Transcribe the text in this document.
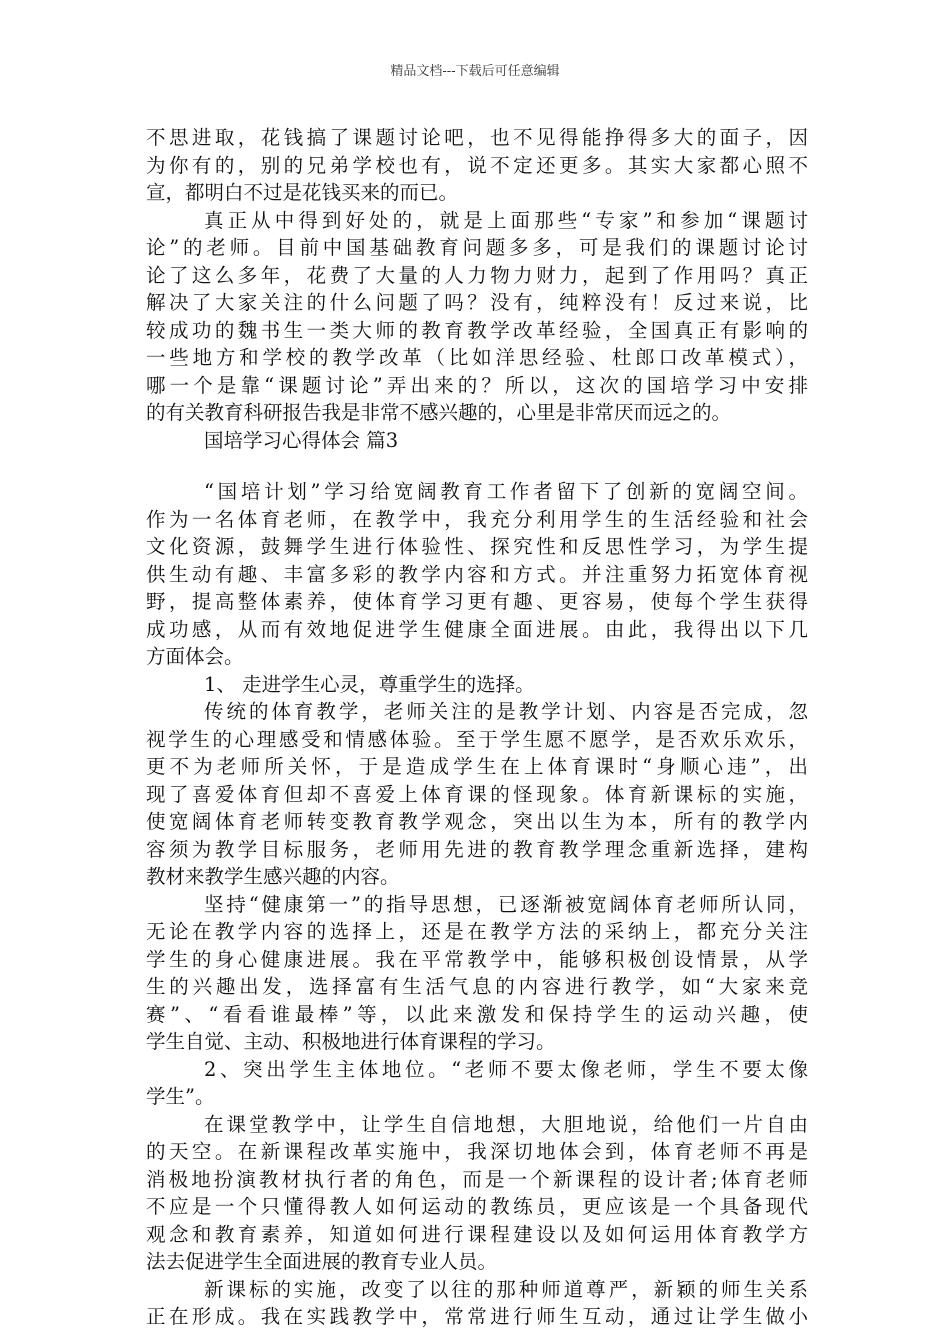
精品文档---下载后可任意编辑
不思进取，花钱搞了课题讨论吧，也不见得能挣得多大的面子，因
为你有的，别的兄弟学校也有，说不定还更多。其实大家都心照不
宣，都明白不过是花钱买来的而已。
真正从中得到好处的，就是上面那些“专家”和参加“课题讨
论”的老师。目前中国基础教育问题多多，可是我们的课题讨论讨
论了这么多年，花费了大量的人力物力财力，起到了作用吗？真正
解决了大家关注的什么问题了吗？没有，纯粹没有！反过来说，比
较成功的魏书生一类大师的教育教学改革经验，全国真正有影响的
一些地方和学校的教学改革（比如洋思经验、杜郎口改革模式），
哪一个是靠“课题讨论”弄出来的？所以，这次的国培学习中安排
的有关教育科研报告我是非常不感兴趣的，心里是非常厌而远之的。
国培学习心得体会 篇3
“国培计划”学习给宽阔教育工作者留下了创新的宽阔空间。
作为一名体育老师，在教学中，我充分利用学生的生活经验和社会
文化资源，鼓舞学生进行体验性、探究性和反思性学习，为学生提
供生动有趣、丰富多彩的教学内容和方式。并注重努力拓宽体育视
野，提高整体素养，使体育学习更有趣、更容易，使每个学生获得
成功感，从而有效地促进学生健康全面进展。由此，我得出以下几
方面体会。
1、 走进学生心灵，尊重学生的选择。
传统的体育教学，老师关注的是教学计划、内容是否完成，忽
视学生的心理感受和情感体验。至于学生愿不愿学，是否欢乐欢乐，
更不为老师所关怀，于是造成学生在上体育课时“身顺心违”，出
现了喜爱体育但却不喜爱上体育课的怪现象。体育新课标的实施，
使宽阔体育老师转变教育教学观念，突出以生为本，所有的教学内
容须为教学目标服务，老师用先进的教育教学理念重新选择，建构
教材来教学生感兴趣的内容。
坚持“健康第一”的指导思想，已逐渐被宽阔体育老师所认同，
无论在教学内容的选择上，还是在教学方法的采纳上，都充分关注
学生的身心健康进展。我在平常教学中，能够积极创设情景，从学
生的兴趣出发，选择富有生活气息的内容进行教学，如“大家来竞
赛”、“看看谁最棒”等，以此来激发和保持学生的运动兴趣，使
学生自觉、主动、积极地进行体育课程的学习。
2、突出学生主体地位。“老师不要太像老师，学生不要太像
学生”。
在课堂教学中，让学生自信地想，大胆地说，给他们一片自由
的天空。在新课程改革实施中，我深切地体会到，体育老师不再是
消极地扮演教材执行者的角色，而是一个新课程的设计者;体育老师
不应是一个只懂得教人如何运动的教练员，更应该是一个具备现代
观念和教育素养，知道如何进行课程建设以及如何运用体育教学方
法去促进学生全面进展的教育专业人员。
新课标的实施，改变了以往的那种师道尊严，新颖的师生关系
正在形成。我在实践教学中，常常进行师生互动，通过让学生做小
